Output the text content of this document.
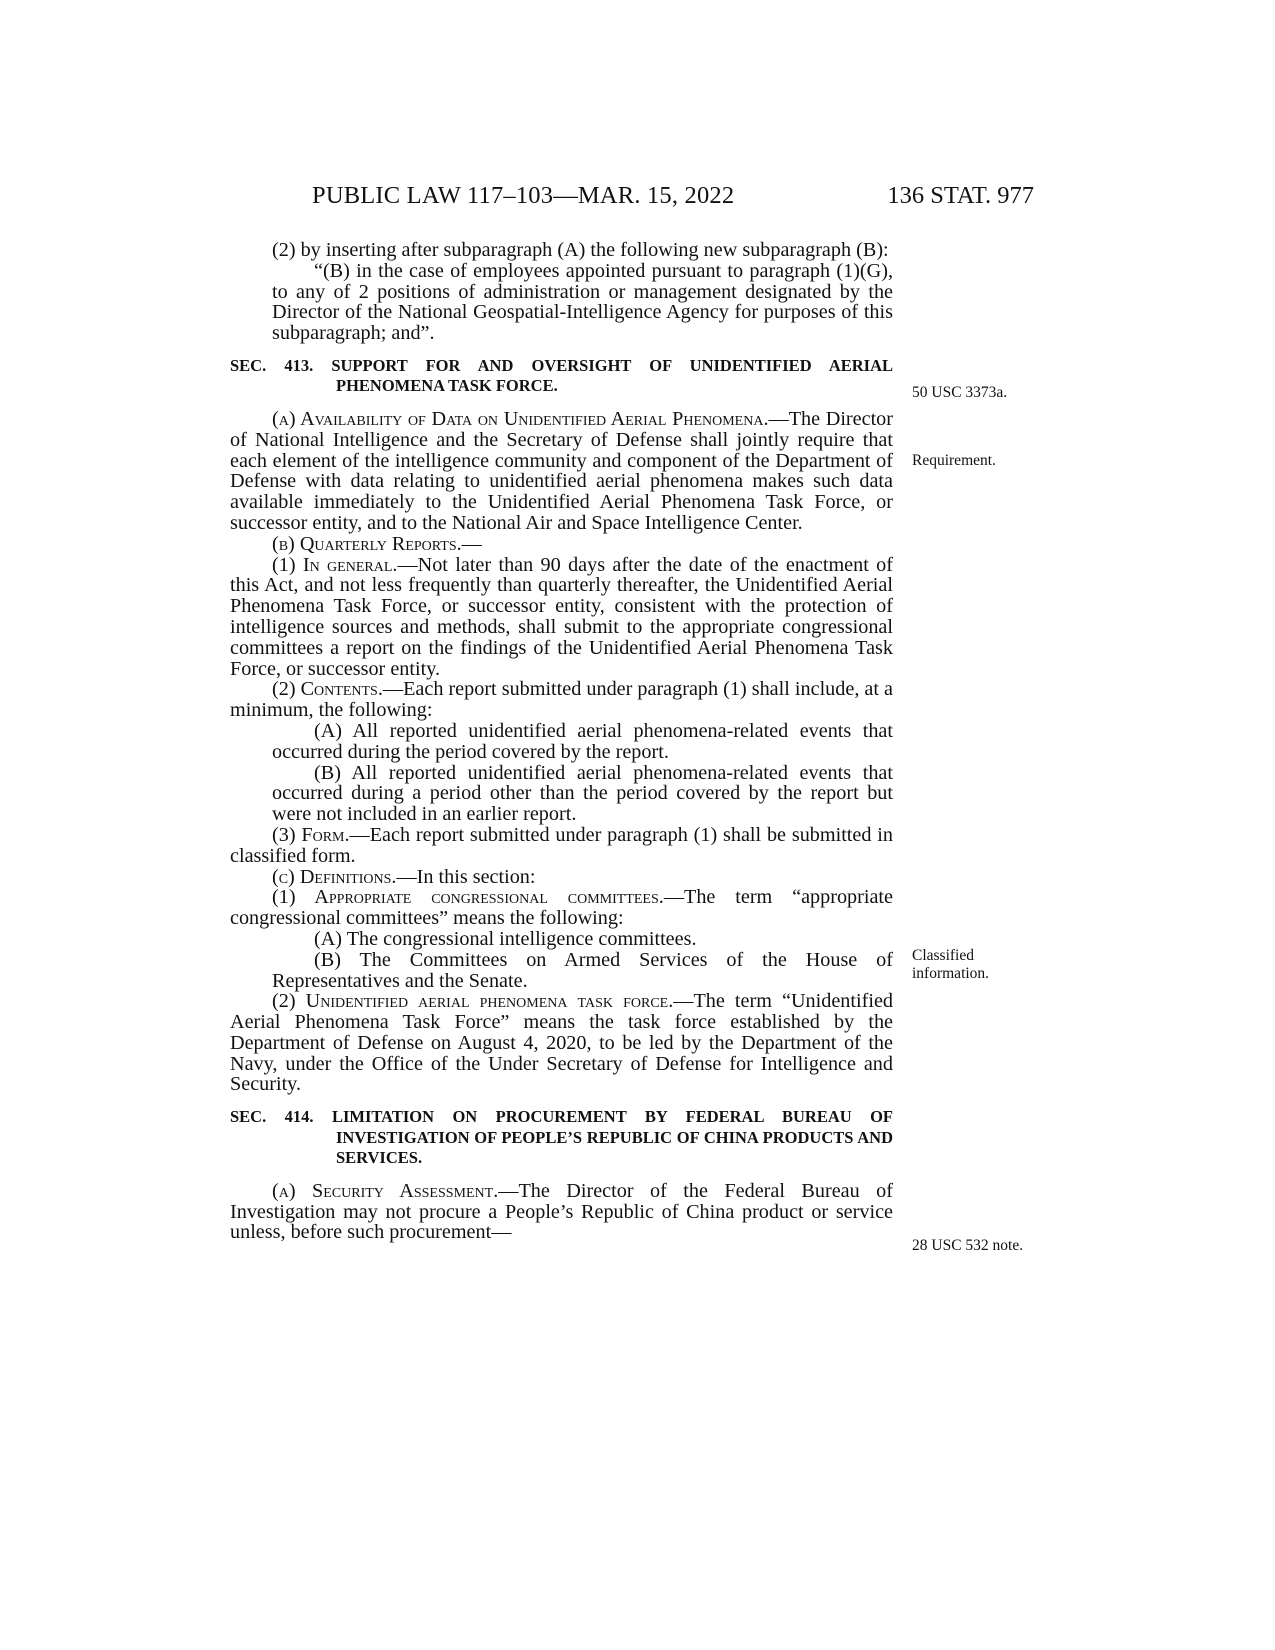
PUBLIC LAW 117–103—MAR. 15, 2022	136 STAT. 977

(2) by inserting after subparagraph (A) the following new subparagraph (B):

“(B) in the case of employees appointed pursuant to paragraph (1)(G), to any of 2 positions of administration or management designated by the Director of the National Geospatial-Intelligence Agency for purposes of this subparagraph; and”.

SEC. 413. SUPPORT FOR AND OVERSIGHT OF UNIDENTIFIED AERIAL PHENOMENA TASK FORCE.

(a) Availability of Data on Unidentified Aerial Phenomena.—The Director of National Intelligence and the Secretary of Defense shall jointly require that each element of the intelligence community and component of the Department of Defense with data relating to unidentified aerial phenomena makes such data available immediately to the Unidentified Aerial Phenomena Task Force, or successor entity, and to the National Air and Space Intelligence Center.

(b) Quarterly Reports.—

(1) In general.—Not later than 90 days after the date of the enactment of this Act, and not less frequently than quarterly thereafter, the Unidentified Aerial Phenomena Task Force, or successor entity, consistent with the protection of intelligence sources and methods, shall submit to the appropriate congressional committees a report on the findings of the Unidentified Aerial Phenomena Task Force, or successor entity.

(2) Contents.—Each report submitted under paragraph (1) shall include, at a minimum, the following:

(A) All reported unidentified aerial phenomena-related events that occurred during the period covered by the report.

(B) All reported unidentified aerial phenomena-related events that occurred during a period other than the period covered by the report but were not included in an earlier report.

(3) Form.—Each report submitted under paragraph (1) shall be submitted in classified form.

(c) Definitions.—In this section:

(1) Appropriate congressional committees.—The term “appropriate congressional committees” means the following:

(A) The congressional intelligence committees.

(B) The Committees on Armed Services of the House of Representatives and the Senate.

(2) Unidentified aerial phenomena task force.—The term “Unidentified Aerial Phenomena Task Force” means the task force established by the Department of Defense on August 4, 2020, to be led by the Department of the Navy, under the Office of the Under Secretary of Defense for Intelligence and Security.

SEC. 414. LIMITATION ON PROCUREMENT BY FEDERAL BUREAU OF INVESTIGATION OF PEOPLE’S REPUBLIC OF CHINA PRODUCTS AND SERVICES.

(a) Security Assessment.—The Director of the Federal Bureau of Investigation may not procure a People’s Republic of China product or service unless, before such procurement—

50 USC 3373a.
Requirement.
Classified information.
28 USC 532 note.
